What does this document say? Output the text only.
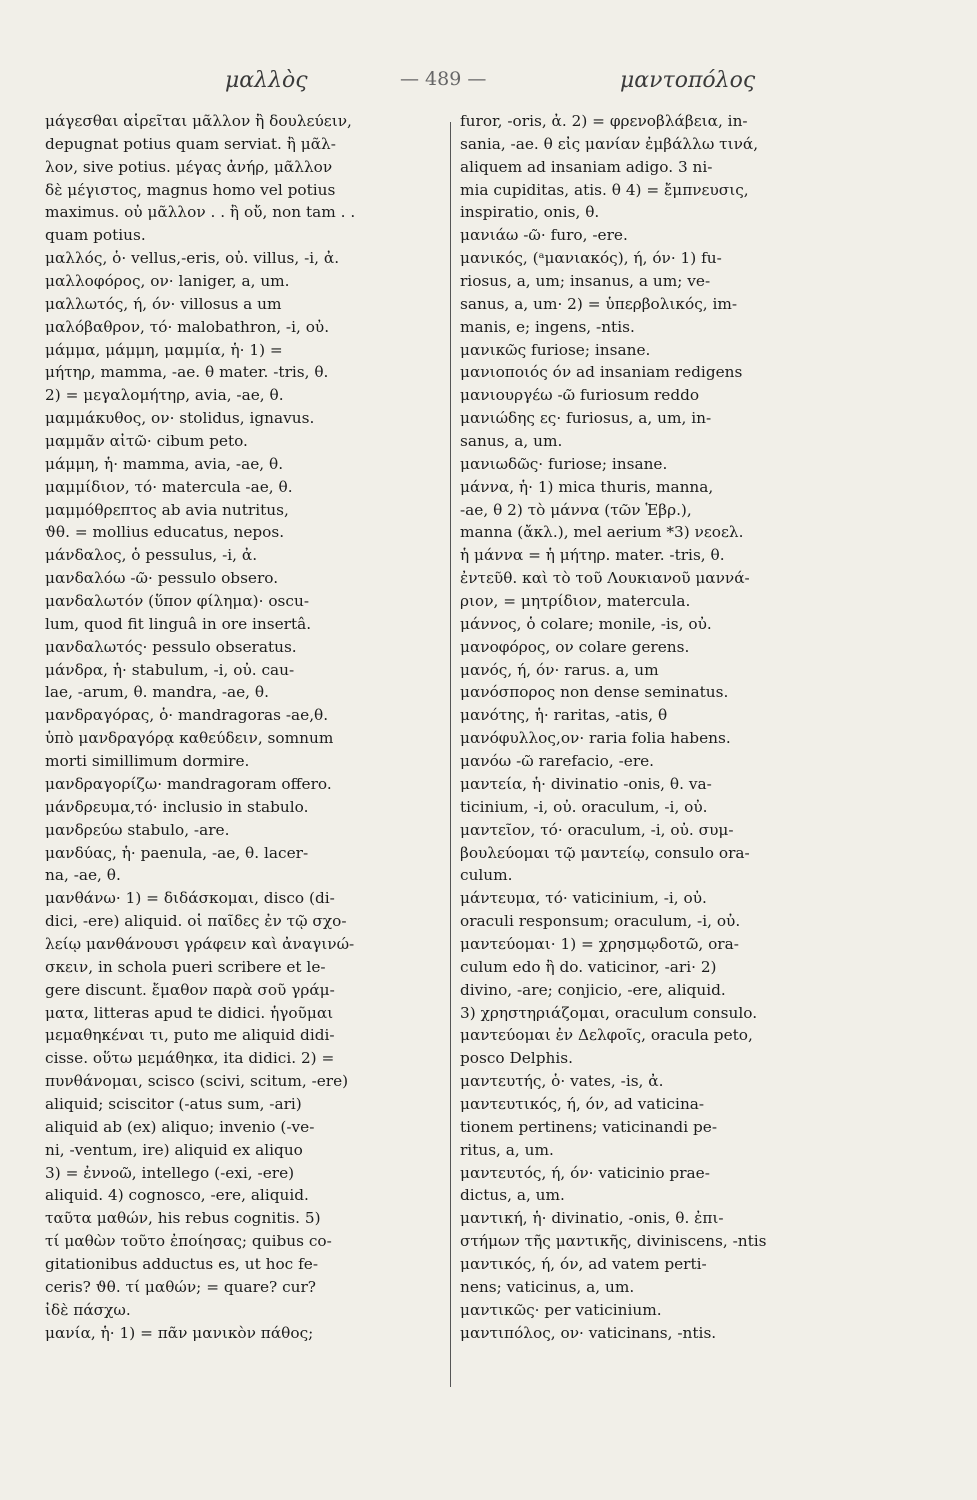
μαλλὸς	— 489 —	μαντοπόλος
μάγεσθαι αἱρεῖται μᾶλλον ἢ δουλεύειν,
depugnat potius quam serviat. ἢ μᾶλ-
λον, sive potius. μέγας ἀνήρ, μᾶλλον
δὲ μέγιστος, magnus homo vel potius
maximus. οὐ μᾶλλον . . ἢ οὔ, non tam . .
quam potius.
μαλλός, ὁ· vellus,-eris, οὐ. villus, -i, ἀ.
μαλλοφόρος, ον· laniger, a, um.
μαλλωτός, ή, όν· villosus a um
μαλόβαθρον, τό· malobathron, -i, οὐ.
μάμμα, μάμμη, μαμμία, ἡ· 1) =
μήτηρ, mamma, -ae. θ mater. -tris, θ.
2) = μεγαλομήτηρ, avia, -ae, θ.
μαμμάκυθος, ον· stolidus, ignavus.
μαμμᾶν αἰτῶ· cibum peto.
μάμμη, ἡ· mamma, avia, -ae, θ.
μαμμίδιον, τό· matercula -ae, θ.
μαμμόθρεπτος ab avia nutritus,
ϑθ. = mollius educatus, nepos.
μάνδαλος, ὁ pessulus, -i, ἀ.
μανδαλόω -ῶ· pessulo obsero.
μανδαλωτόν (ὕπον φίλημα)· oscu-
lum, quod fit linguâ in ore insertâ.
μανδαλωτός· pessulo obseratus.
μάνδρα, ἡ· stabulum, -i, οὐ. cau-
lae, -arum, θ. mandra, -ae, θ.
μανδραγόρας, ὁ· mandragoras -ae,θ.
ὑπὸ μανδραγόρᾳ καθεύδειν, somnum
morti simillimum dormire.
μανδραγορίζω· mandragoram offero.
μάνδρευμα,τό· inclusio in stabulo.
μανδρεύω stabulo, -are.
μανδύας, ἡ· paenula, -ae, θ. lacer-
na, -ae, θ.
μανθάνω· 1) = διδάσκομαι, disco (di-
dici, -ere) aliquid. οἱ παῖδες ἐν τῷ σχο-
λείῳ μανθάνουσι γράφειν καὶ ἀναγινώ-
σκειν, in schola pueri scribere et le-
gere discunt. ἔμαθον παρὰ σοῦ γράμ-
ματα, litteras apud te didici. ἡγοῦμαι
μεμαθηκέναι τι, puto me aliquid didi-
cisse. οὕτω μεμάθηκα, ita didici. 2) =
πυνθάνομαι, scisco (scivi, scitum, -ere)
aliquid; sciscitor (-atus sum, -ari)
aliquid ab (ex) aliquo; invenio (-ve-
ni, -ventum, ire) aliquid ex aliquo
3) = ἐννοῶ, intellego (-exi, -ere)
aliquid. 4) cognosco, -ere, aliquid.
ταῦτα μαθών, his rebus cognitis. 5)
τί μαθὼν τοῦτο ἐποίησας; quibus co-
gitationibus adductus es, ut hoc fe-
ceris? ϑθ. τί μαθών; = quare? cur?
ἰδὲ πάσχω.
μανία, ἡ· 1) = πᾶν μανικὸν πάθος;
furor, -oris, ἀ. 2) = φρενοβλάβεια, in-
sania, -ae. θ εἰς μανίαν ἐμβάλλω τινά,
aliquem ad insaniam adigo. 3 ni-
mia cupiditas, atis. θ 4) = ἔμπνευσις,
inspiratio, onis, θ.
μανιάω -ῶ· furo, -ere.
μανικός, (ᵃμανιακός), ή, όν· 1) fu-
riosus, a, um; insanus, a um; ve-
sanus, a, um· 2) = ὑπερβολικός, im-
manis, e; ingens, -ntis.
μανικῶς furiose; insane.
μανιοποιός όν ad insaniam redigens
μανιουργέω -ῶ furiosum reddo
μανιώδης ες· furiosus, a, um, in-
sanus, a, um.
μανιωδῶς· furiose; insane.
μάννα, ἡ· 1) mica thuris, manna,
-ae, θ 2) τὸ μάννα (τῶν Ἑβρ.),
manna (ἄκλ.), mel aerium *3) νεοελ.
ἡ μάννα = ἡ μήτηρ. mater. -tris, θ.
ἐντεῦθ. καὶ τὸ τοῦ Λουκιανοῦ μαννά-
ριον, = μητρίδιον, matercula.
μάννος, ὁ colare; monile, -is, οὐ.
μανοφόρος, ον colare gerens.
μανός, ή, όν· rarus. a, um
μανόσπορος non dense seminatus.
μανότης, ἡ· raritas, -atis, θ
μανόφυλλος,ον· raria folia habens.
μανόω -ῶ rarefacio, -ere.
μαντεία, ἡ· divinatio -onis, θ. va-
ticinium, -i, οὐ. oraculum, -i, οὐ.
μαντεῖον, τό· oraculum, -i, οὐ. συμ-
βουλεύομαι τῷ μαντείῳ, consulo ora-
culum.
μάντευμα, τό· vaticinium, -i, οὐ.
oraculi responsum; oraculum, -i, οὐ.
μαντεύομαι· 1) = χρησμῳδοτῶ, ora-
culum edo ἢ do. vaticinor, -ari· 2)
divino, -are; conjicio, -ere, aliquid.
3) χρηστηριάζομαι, oraculum consulo.
μαντεύομαι ἐν Δελφοῖς, oracula peto,
posco Delphis.
μαντευτής, ὁ· vates, -is, ἀ.
μαντευτικός, ή, όν, ad vaticina-
tionem pertinens; vaticinandi pe-
ritus, a, um.
μαντευτός, ή, όν· vaticinio prae-
dictus, a, um.
μαντική, ἡ· divinatio, -onis, θ. ἐπι-
στήμων τῆς μαντικῆς, diviniscens, -ntis
μαντικός, ή, όν, ad vatem perti-
nens; vaticinus, a, um.
μαντικῶς· per vaticinium.
μαντιπόλος, ον· vaticinans, -ntis.
